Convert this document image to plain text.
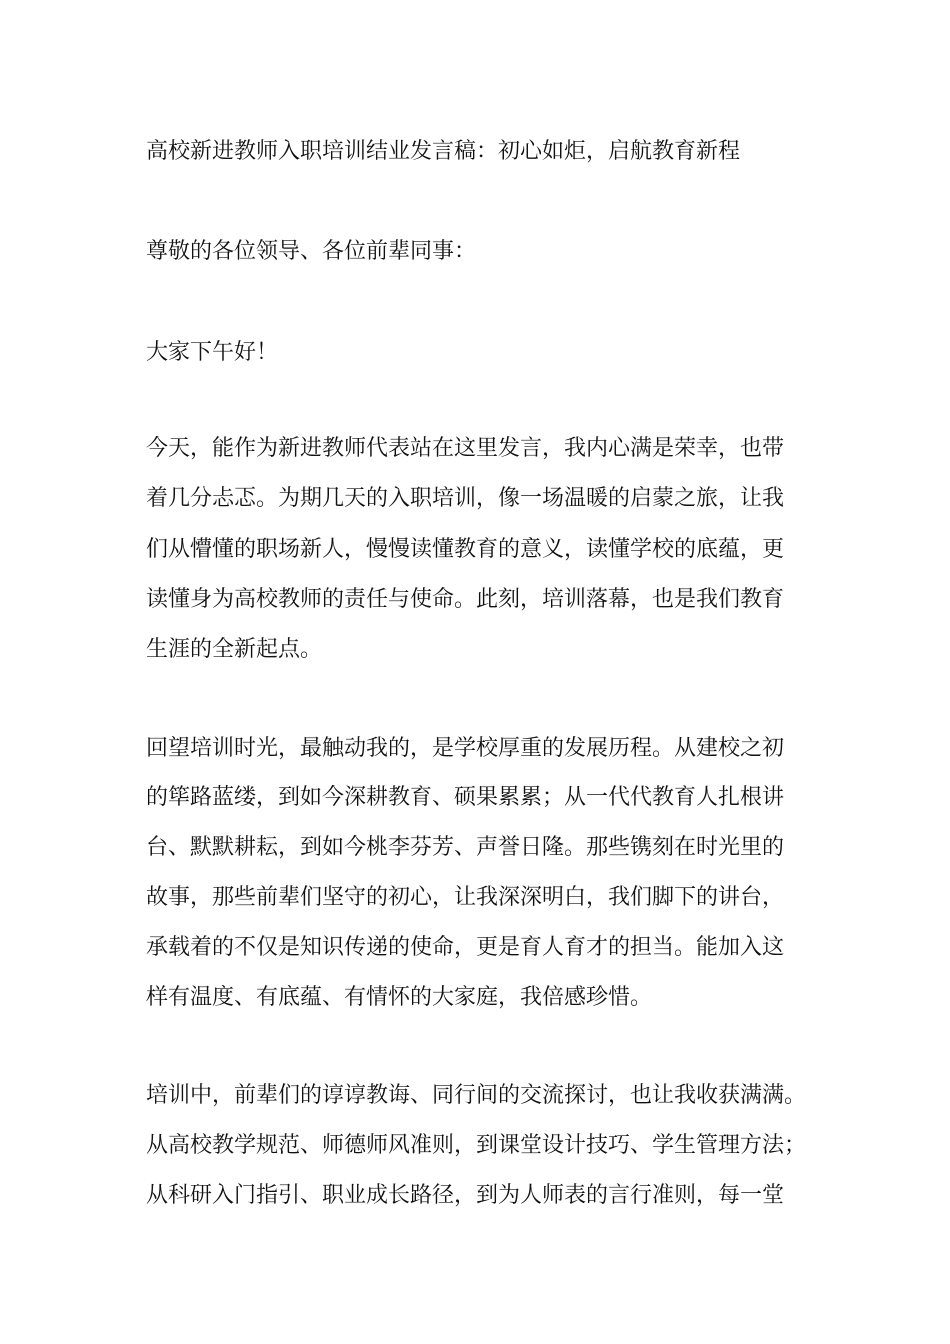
高校新进教师入职培训结业发言稿：初心如炬，启航教育新程
尊敬的各位领导、各位前辈同事：
大家下午好！
今天，能作为新进教师代表站在这里发言，我内心满是荣幸，也带
着几分忐忑。为期几天的入职培训，像一场温暖的启蒙之旅，让我
们从懵懂的职场新人，慢慢读懂教育的意义，读懂学校的底蕴，更
读懂身为高校教师的责任与使命。此刻，培训落幕，也是我们教育
生涯的全新起点。
回望培训时光，最触动我的，是学校厚重的发展历程。从建校之初
的筚路蓝缕，到如今深耕教育、硕果累累；从一代代教育人扎根讲
台、默默耕耘，到如今桃李芬芳、声誉日隆。那些镌刻在时光里的
故事，那些前辈们坚守的初心，让我深深明白，我们脚下的讲台，
承载着的不仅是知识传递的使命，更是育人育才的担当。能加入这
样有温度、有底蕴、有情怀的大家庭，我倍感珍惜。
培训中，前辈们的谆谆教诲、同行间的交流探讨，也让我收获满满。
从高校教学规范、师德师风准则，到课堂设计技巧、学生管理方法；
从科研入门指引、职业成长路径，到为人师表的言行准则，每一堂
